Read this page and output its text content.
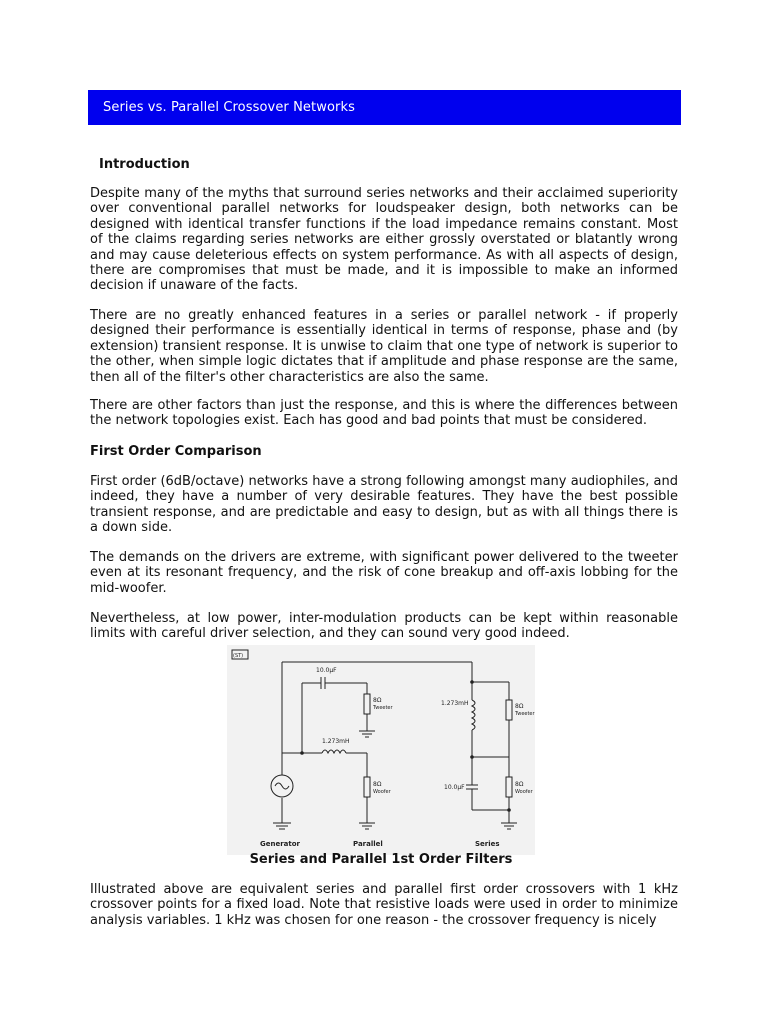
Series vs. Parallel Crossover Networks
Introduction

Despite many of the myths that surround series networks and their acclaimed superiority over conventional parallel networks for loudspeaker design, both networks can be designed with identical transfer functions if the load impedance remains constant. Most of the claims regarding series networks are either grossly overstated or blatantly wrong and may cause deleterious effects on system performance. As with all aspects of design, there are compromises that must be made, and it is impossible to make an informed decision if unaware of the facts.

There are no greatly enhanced features in a series or parallel network - if properly designed their performance is essentially identical in terms of response, phase and (by extension) transient response. It is unwise to claim that one type of network is superior to the other, when simple logic dictates that if amplitude and phase response are the same, then all of the filter's other characteristics are also the same.

There are other factors than just the response, and this is where the differences between the network topologies exist. Each has good and bad points that must be considered.

First Order Comparison

First order (6dB/octave) networks have a strong following amongst many audiophiles, and indeed, they have a number of very desirable features. They have the best possible transient response, and are predictable and easy to design, but as with all things there is a down side.

The demands on the drivers are extreme, with significant power delivered to the tweeter even at its resonant frequency, and the risk of cone breakup and off-axis lobbing for the mid-woofer.

Nevertheless, at low power, inter-modulation products can be kept within reasonable limits with careful driver selection, and they can sound very good indeed.

(ST)
10.0µF
8Ω
Tweeter
1.273mH
8Ω
Woofer
1.273mH	8Ω
Tweeter
10.0µF	8Ω
Woofer
Generator	Parallel	Series
Series and Parallel 1st Order Filters

Illustrated above are equivalent series and parallel first order crossovers with 1 kHz crossover points for a fixed load. Note that resistive loads were used in order to minimize analysis variables. 1 kHz was chosen for one reason - the crossover frequency is nicely
